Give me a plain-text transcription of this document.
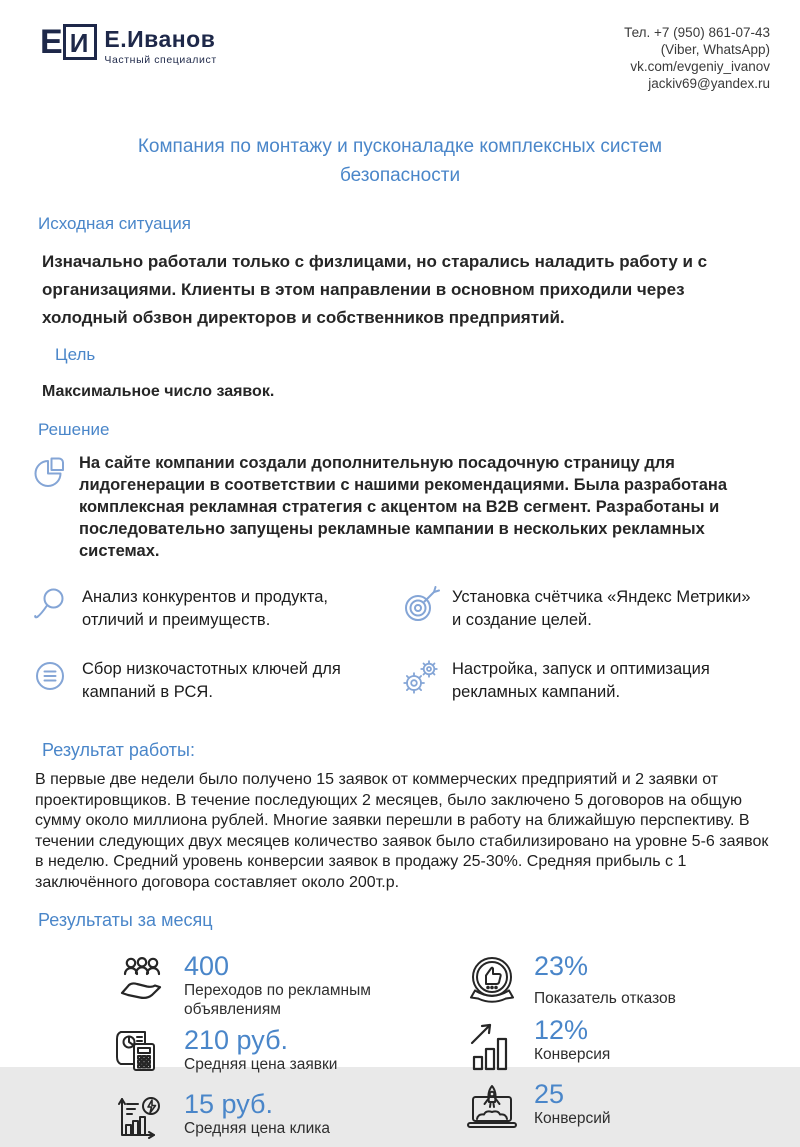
Е И Е.Иванов
Частный специалист
Тел. +7 (950) 861-07-43
(Viber, WhatsApp)
vk.com/evgeniy_ivanov
jackiv69@yandex.ru
Компания по монтажу и пусконаладке комплексных систем безопасности
Исходная ситуация

Изначально работали только с физлицами, но старались наладить работу и с организациями. Клиенты в этом направлении в основном приходили через холодный обзвон директоров и собственников предприятий.

Цель

Максимальное число заявок.

Решение

На сайте компании создали дополнительную посадочную страницу для лидогенерации в соответствии с нашими рекомендациями. Была разработана комплексная рекламная стратегия с акцентом на B2B сегмент. Разработаны и последовательно запущены рекламные кампании в нескольких рекламных системах.

Анализ конкурентов и продукта, отличий и преимуществ.
Установка счётчика «Яндекс Метрики» и создание целей.
Сбор низкочастотных ключей для кампаний в РСЯ.
Настройка, запуск и оптимизация рекламных кампаний.
Результат работы:

В первые две недели было получено 15 заявок от коммерческих предприятий и 2 заявки от проектировщиков. В течение последующих 2 месяцев, было заключено 5 договоров на общую сумму около миллиона рублей. Многие заявки перешли в работу на ближайшую перспективу. В течении следующих двух месяцев количество заявок было стабилизировано на уровне 5-6 заявок в неделю. Средний уровень конверсии заявок в продажу 25-30%. Средняя прибыль с 1 заключённого договора составляет около 200т.р.

Результаты за месяц
400
Переходов по рекламным объявлениям
210 руб.
Средняя цена заявки
15 руб.
Средняя цена клика
23%
Показатель отказов
12%
Конверсия
25
Конверсий
